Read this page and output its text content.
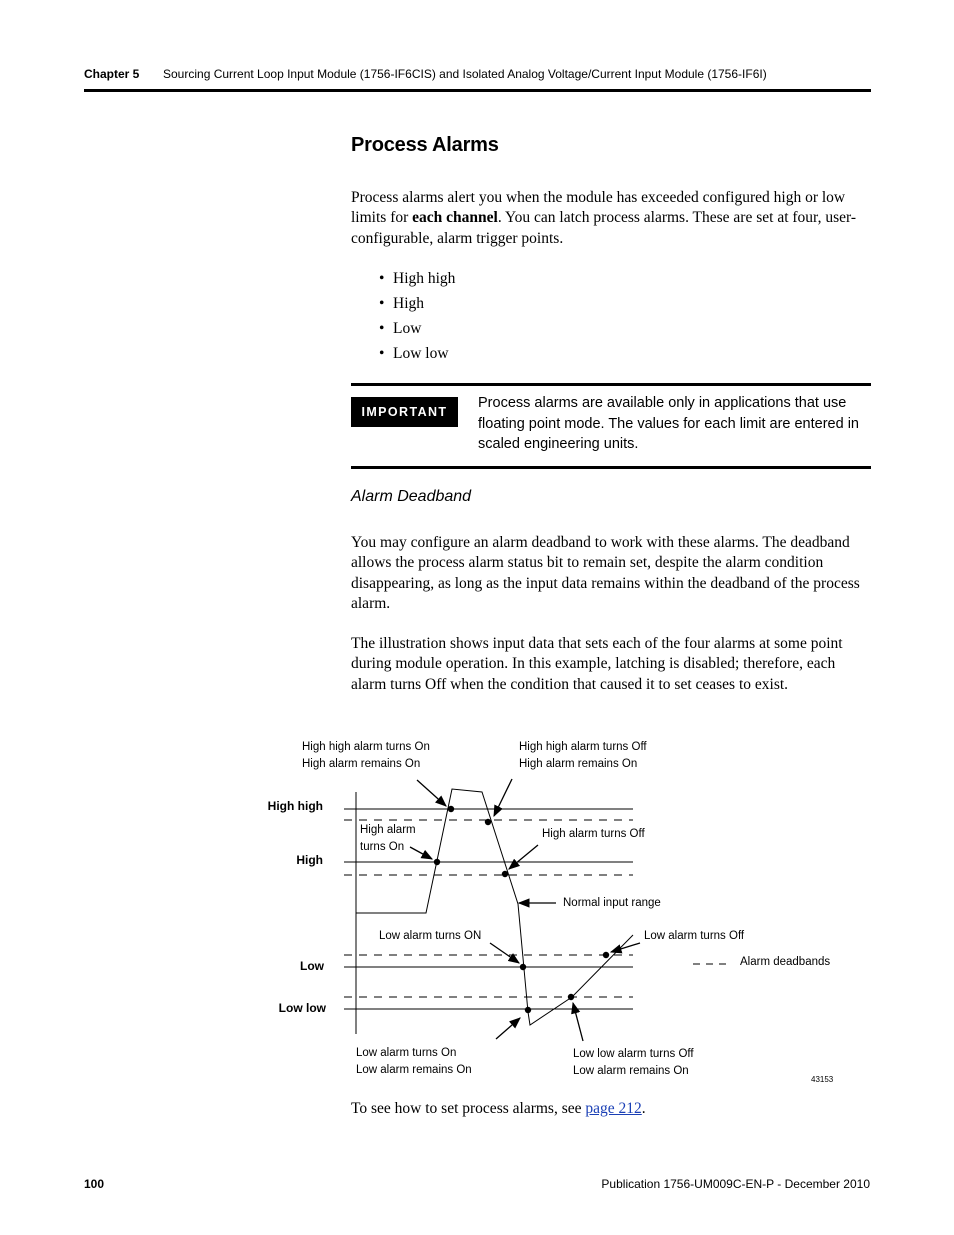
Chapter 5 Sourcing Current Loop Input Module (1756-IF6CIS) and Isolated Analog Voltage/Current Input Module (1756-IF6I)
Process Alarms

Process alarms alert you when the module has exceeded configured high or low limits for each channel. You can latch process alarms. These are set at four, user-configurable, alarm trigger points.

• High high
• High
• Low
• Low low
IMPORTANT

Process alarms are available only in applications that use floating point mode. The values for each limit are entered in scaled engineering units.

Alarm Deadband

You may configure an alarm deadband to work with these alarms. The deadband allows the process alarm status bit to remain set, despite the alarm condition disappearing, as long as the input data remains within the deadband of the process alarm.

The illustration shows input data that sets each of the four alarms at some point during module operation. In this example, latching is disabled; therefore, each alarm turns Off when the condition that caused it to set ceases to exist.

High high
High
Low
Low low
High high alarm turns On
High alarm remains On
High high alarm turns Off
High alarm remains On
High alarm
turns On
High alarm turns Off
Normal input range
Low alarm turns ON	Low alarm turns Off
Alarm deadbands
Low alarm turns On
Low alarm remains On
Low low alarm turns Off
Low alarm remains On
43153
To see how to set process alarms, see page 212.
100	Publication 1756-UM009C-EN-P - December 2010
